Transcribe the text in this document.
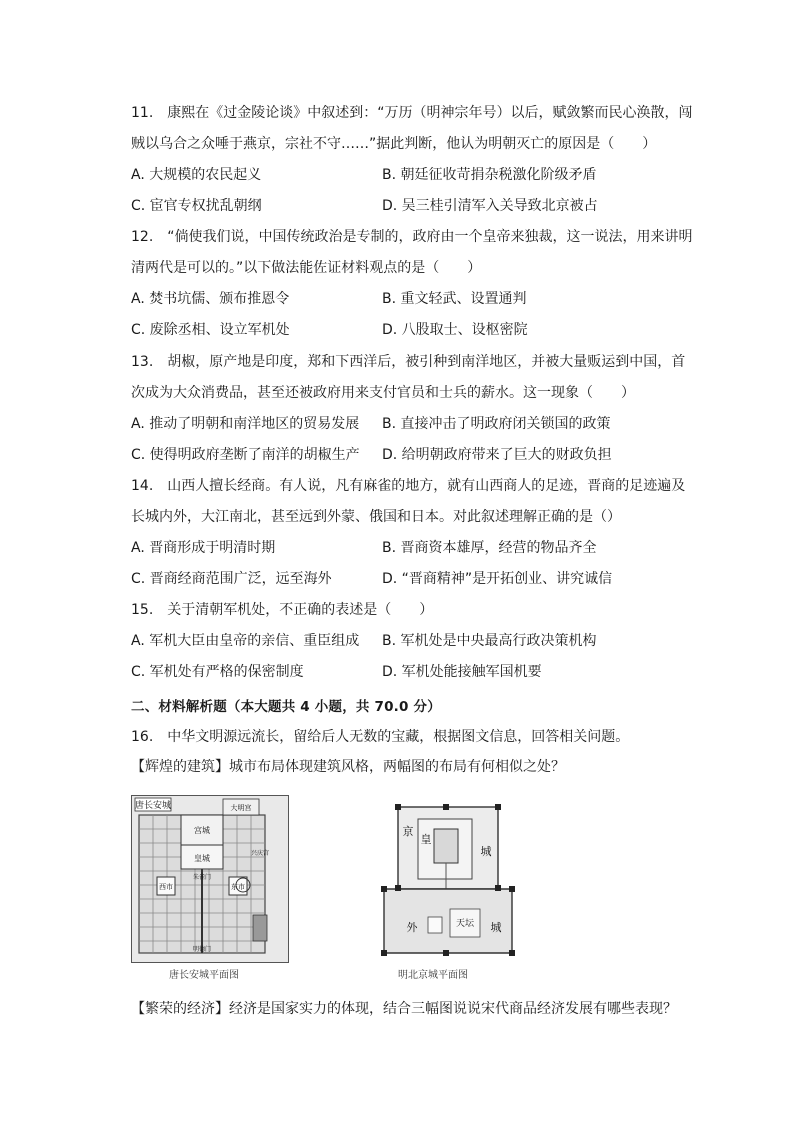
11.　康熙在《过金陵论谈》中叙述到：“万历（明神宗年号）以后，赋敛繁而民心涣散，闯贼以乌合之众唾于燕京，宗社不守……”据此判断，他认为明朝灭亡的原因是（　　）

A. 大规模的农民起义	B. 朝廷征收苛捐杂税激化阶级矛盾
C. 宦官专权扰乱朝纲	D. 吴三桂引清军入关导致北京被占

12.　“倘使我们说，中国传统政治是专制的，政府由一个皇帝来独裁，这一说法，用来讲明清两代是可以的。”以下做法能佐证材料观点的是（　　）

A. 焚书坑儒、颁布推恩令	B. 重文轻武、设置通判
C. 废除丞相、设立军机处	D. 八股取士、设枢密院

13.　胡椒，原产地是印度，郑和下西洋后，被引种到南洋地区，并被大量贩运到中国，首次成为大众消费品，甚至还被政府用来支付官员和士兵的薪水。这一现象（　　）

A. 推动了明朝和南洋地区的贸易发展	B. 直接冲击了明政府闭关锁国的政策
C. 使得明政府垄断了南洋的胡椒生产	D. 给明朝政府带来了巨大的财政负担

14.　山西人擅长经商。有人说，凡有麻雀的地方，就有山西商人的足迹，晋商的足迹遍及长城内外，大江南北，甚至远到外蒙、俄国和日本。对此叙述理解正确的是（）

A. 晋商形成于明清时期	B. 晋商资本雄厚，经营的物品齐全
C. 晋商经商范围广泛，远至海外	D. “晋商精神”是开拓创业、讲究诚信

15.　关于清朝军机处，不正确的表述是（　　）

A. 军机大臣由皇帝的亲信、重臣组成	B. 军机处是中央最高行政决策机构
C. 军机处有严格的保密制度	D. 军机处能接触军国机要
二、材料解析题（本大题共 4 小题，共 70.0 分）
16.　中华文明源远流长，留给后人无数的宝藏，根据图文信息，回答相关问题。
【辉煌的建筑】城市布局体现建筑风格，两幅图的布局有何相似之处？
唐长安城
宫城
皇城
西市	东市
大明宫
兴庆宫
朱雀门
明德门
唐长安城平面图
京
皇
城
外	天坛 城
明北京城平面图
【繁荣的经济】经济是国家实力的体现，结合三幅图说说宋代商品经济发展有哪些表现？
